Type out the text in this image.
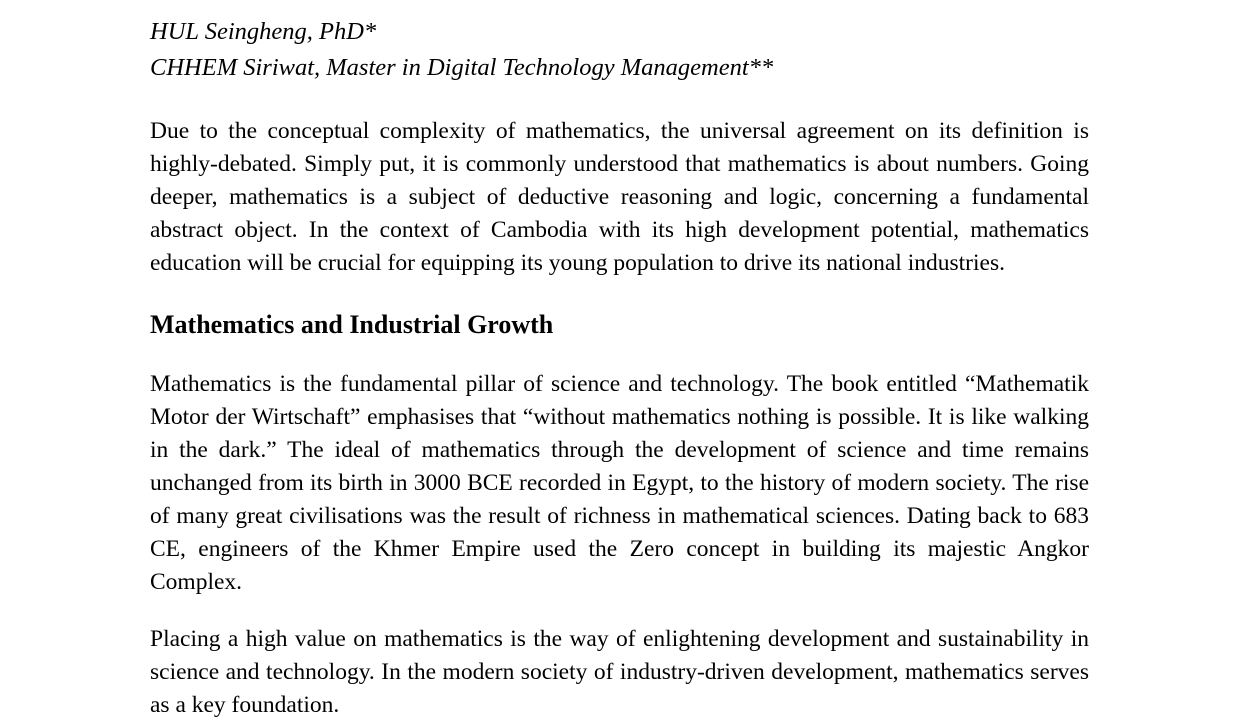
HUL Seingheng, PhD*

CHHEM Siriwat, Master in Digital Technology Management**

Due to the conceptual complexity of mathematics, the universal agreement on its definition is highly-debated. Simply put, it is commonly understood that mathematics is about numbers. Going deeper, mathematics is a subject of deductive reasoning and logic, concerning a fundamental abstract object. In the context of Cambodia with its high development potential, mathematics education will be crucial for equipping its young population to drive its national industries.

Mathematics and Industrial Growth

Mathematics is the fundamental pillar of science and technology. The book entitled “Mathematik Motor der Wirtschaft” emphasises that “without mathematics nothing is possible. It is like walking in the dark.” The ideal of mathematics through the development of science and time remains unchanged from its birth in 3000 BCE recorded in Egypt, to the history of modern society. The rise of many great civilisations was the result of richness in mathematical sciences. Dating back to 683 CE, engineers of the Khmer Empire used the Zero concept in building its majestic Angkor Complex.

Placing a high value on mathematics is the way of enlightening development and sustainability in science and technology. In the modern society of industry-driven development, mathematics serves as a key foundation.
